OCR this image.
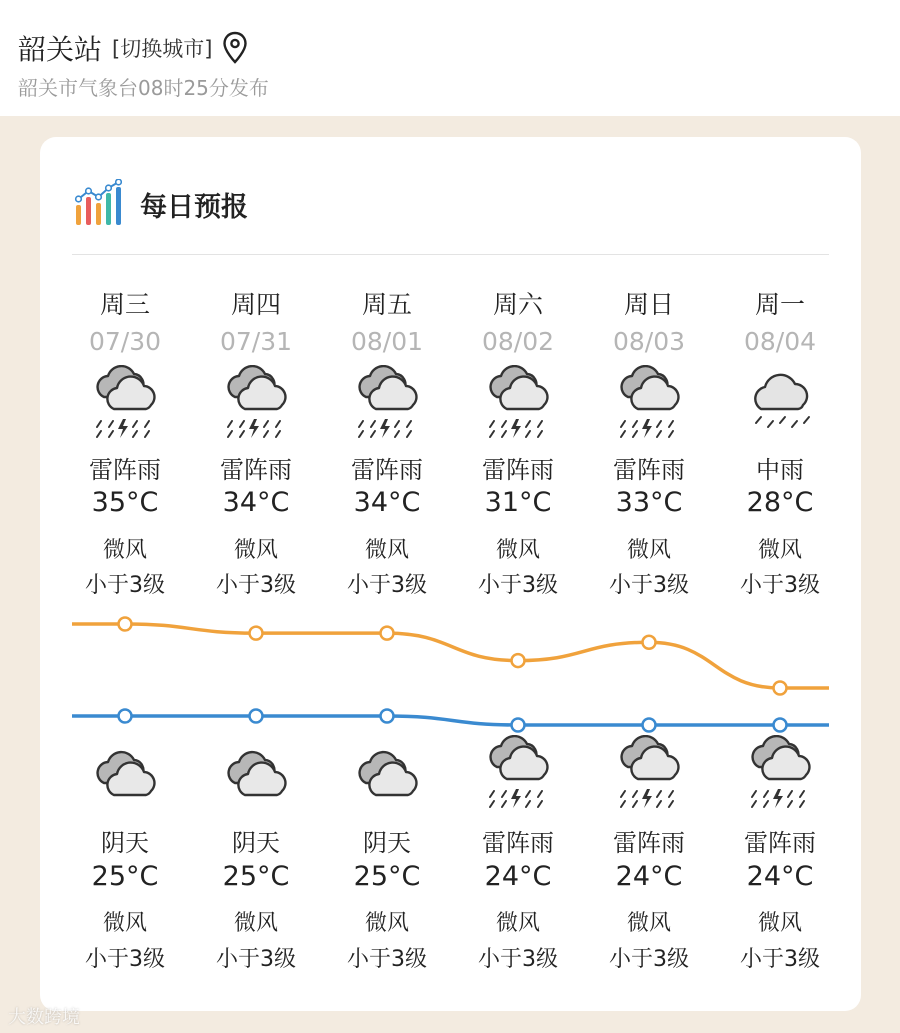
韶关站 [切换城市]
韶关市气象台08时25分发布
每日预报
周三
07/30
雷阵雨
35°C
微风
小于3级
阴天
25°C
微风
小于3级
周四
07/31
雷阵雨
34°C
微风
小于3级
阴天
25°C
微风
小于3级
周五
08/01
雷阵雨
34°C
微风
小于3级
阴天
25°C
微风
小于3级
周六
08/02
雷阵雨
31°C
微风
小于3级
雷阵雨
24°C
微风
小于3级
周日
08/03
雷阵雨
33°C
微风
小于3级
雷阵雨
24°C
微风
小于3级
周一
08/04
中雨
28°C
微风
小于3级
雷阵雨
24°C
微风
小于3级
大数跨境
